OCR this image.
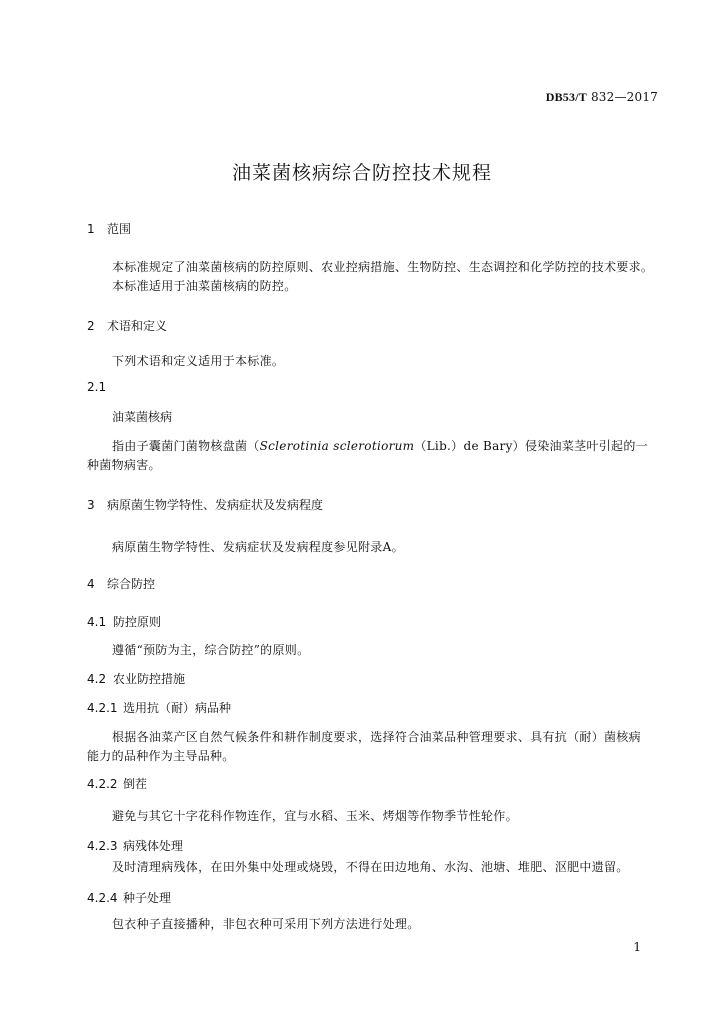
DB53/T 832—2017
油菜菌核病综合防控技术规程
1 范围
本标准规定了油菜菌核病的防控原则、农业控病措施、生物防控、生态调控和化学防控的技术要求。
本标准适用于油菜菌核病的防控。
2 术语和定义
下列术语和定义适用于本标准。
2.1
油菜菌核病
指由子囊菌门菌物核盘菌（Sclerotinia sclerotiorum（Lib.）de Bary）侵染油菜茎叶引起的一
种菌物病害。
3 病原菌生物学特性、发病症状及发病程度
病原菌生物学特性、发病症状及发病程度参见附录A。
4 综合防控
4.1 防控原则
遵循“预防为主，综合防控”的原则。
4.2 农业防控措施
4.2.1 选用抗（耐）病品种
根据各油菜产区自然气候条件和耕作制度要求，选择符合油菜品种管理要求、具有抗（耐）菌核病
能力的品种作为主导品种。
4.2.2 倒茬
避免与其它十字花科作物连作，宜与水稻、玉米、烤烟等作物季节性轮作。
4.2.3 病残体处理
及时清理病残体，在田外集中处理或烧毁，不得在田边地角、水沟、池塘、堆肥、沤肥中遗留。
4.2.4 种子处理
包衣种子直接播种，非包衣种可采用下列方法进行处理。
1
